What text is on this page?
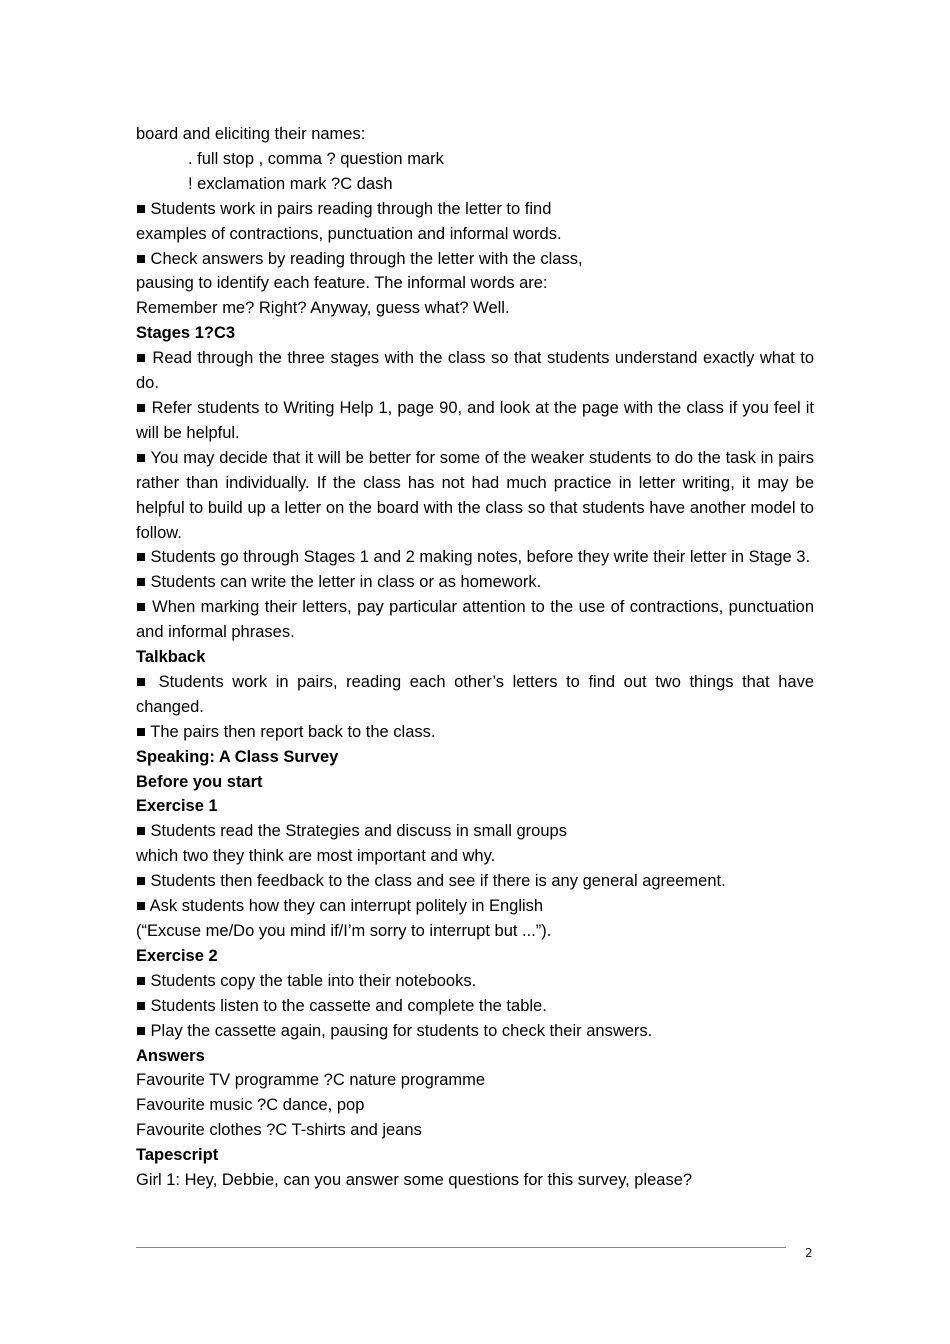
board and eliciting their names:
. full stop , comma ? question mark
! exclamation mark ?C dash
■ Students work in pairs reading through the letter to find
examples of contractions, punctuation and informal words.
■ Check answers by reading through the letter with the class,
pausing to identify each feature. The informal words are:
Remember me? Right? Anyway, guess what? Well.
Stages 1?C3
■ Read through the three stages with the class so that students understand exactly what to do.
■ Refer students to Writing Help 1, page 90, and look at the page with the class if you feel it will be helpful.
■ You may decide that it will be better for some of the weaker students to do the task in pairs rather than individually. If the class has not had much practice in letter writing, it may be helpful to build up a letter on the board with the class so that students have another model to follow.
■ Students go through Stages 1 and 2 making notes, before they write their letter in Stage 3.
■ Students can write the letter in class or as homework.
■ When marking their letters, pay particular attention to the use of contractions, punctuation and informal phrases.
Talkback
■ Students work in pairs, reading each other’s letters to find out two things that have changed.
■ The pairs then report back to the class.
Speaking: A Class Survey
Before you start
Exercise 1
■ Students read the Strategies and discuss in small groups
which two they think are most important and why.
■ Students then feedback to the class and see if there is any general agreement.
■ Ask students how they can interrupt politely in English
(“Excuse me/Do you mind if/I’m sorry to interrupt but ...”).
Exercise 2
■ Students copy the table into their notebooks.
■ Students listen to the cassette and complete the table.
■ Play the cassette again, pausing for students to check their answers.
Answers
Favourite TV programme ?C nature programme
Favourite music ?C dance, pop
Favourite clothes ?C T-shirts and jeans
Tapescript
Girl 1: Hey, Debbie, can you answer some questions for this survey, please?
2
